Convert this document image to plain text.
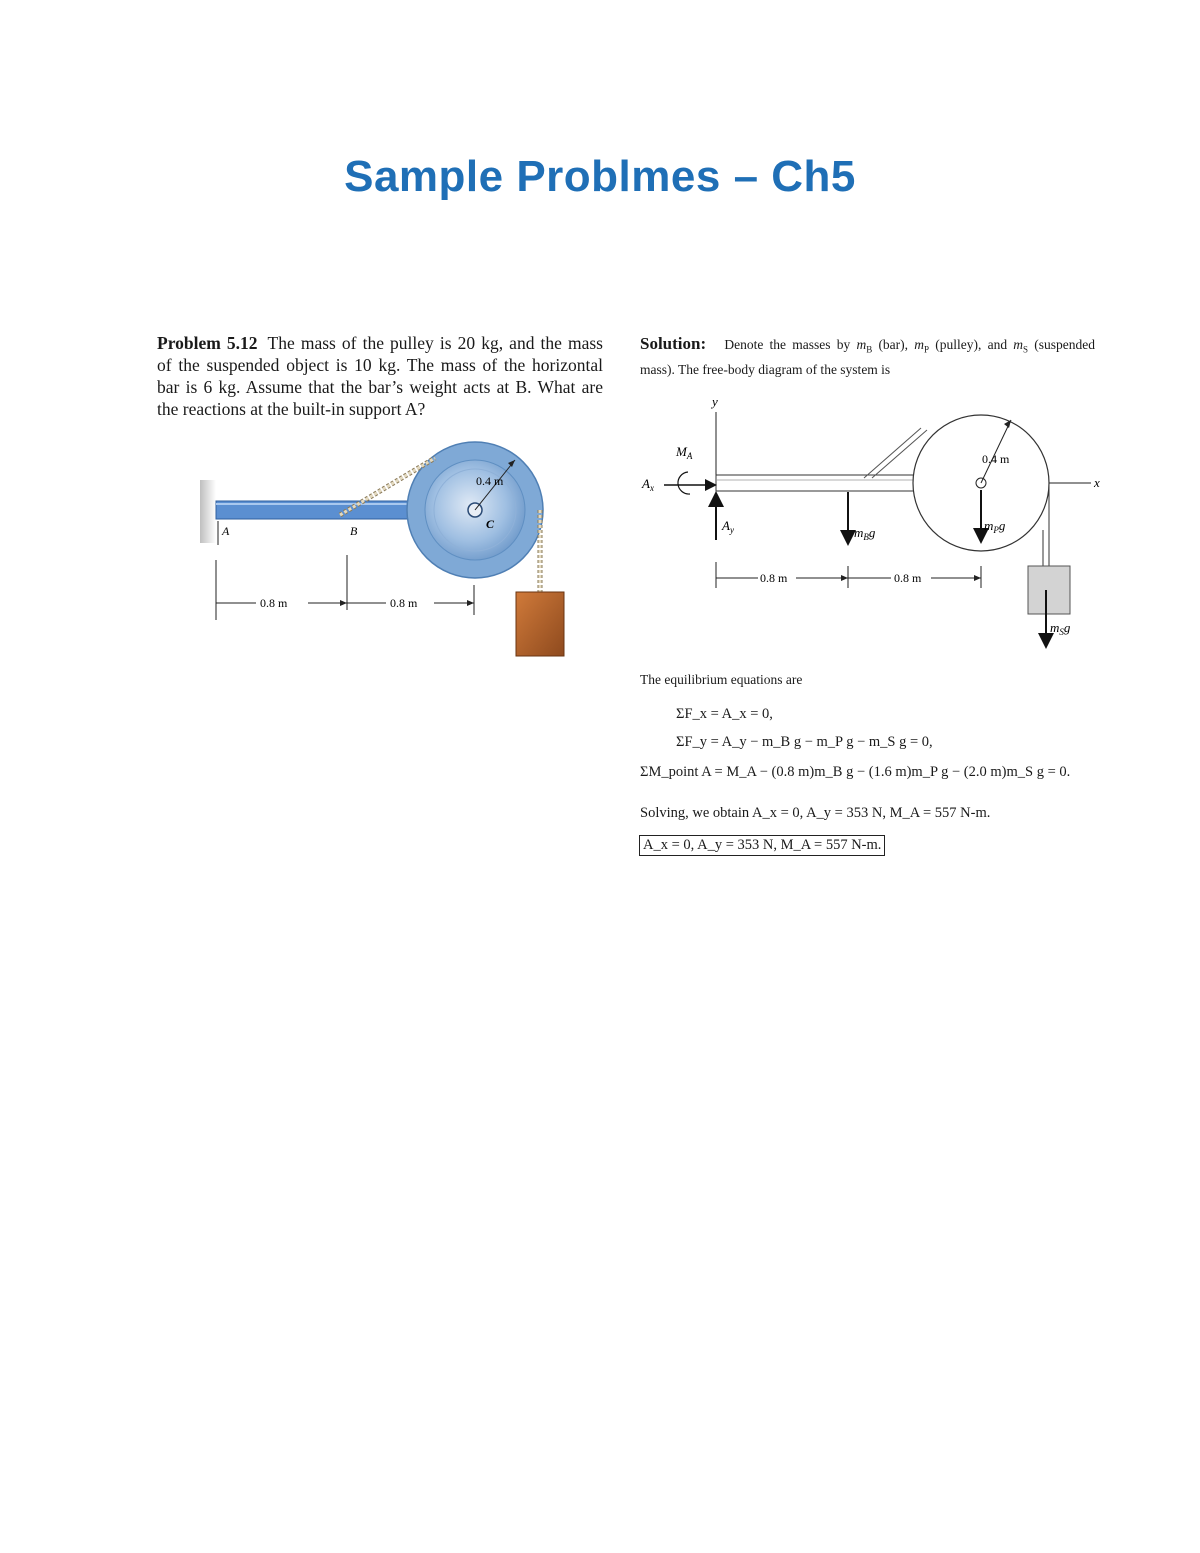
Sample Problmes – Ch5
Problem 5.12 The mass of the pulley is 20 kg, and the mass of the suspended object is 10 kg. The mass of the horizontal bar is 6 kg. Assume that the bar’s weight acts at B. What are the reactions at the built-in support A?
A	B	C
0.4 m
0.8 m	0.8 m
Solution: Denote the masses by $m_B$ (bar), $m_P$ (pulley), and $m_S$ (suspended mass). The free-body diagram of the system is
y
x
0.4 m
$M_A$
$A_x$
$A_y$	$m_Bg$	$m_Pg$
$m_Sg$
0.8 m	0.8 m
The equilibrium equations are
ΣF_x = A_x = 0,
ΣF_y = A_y − m_B g − m_P g − m_S g = 0,
ΣM_point A = M_A − (0.8 m)m_B g − (1.6 m)m_P g − (2.0 m)m_S g = 0.
Solving, we obtain A_x = 0, A_y = 353 N, M_A = 557 N-m.
A_x = 0, A_y = 353 N, M_A = 557 N-m.
